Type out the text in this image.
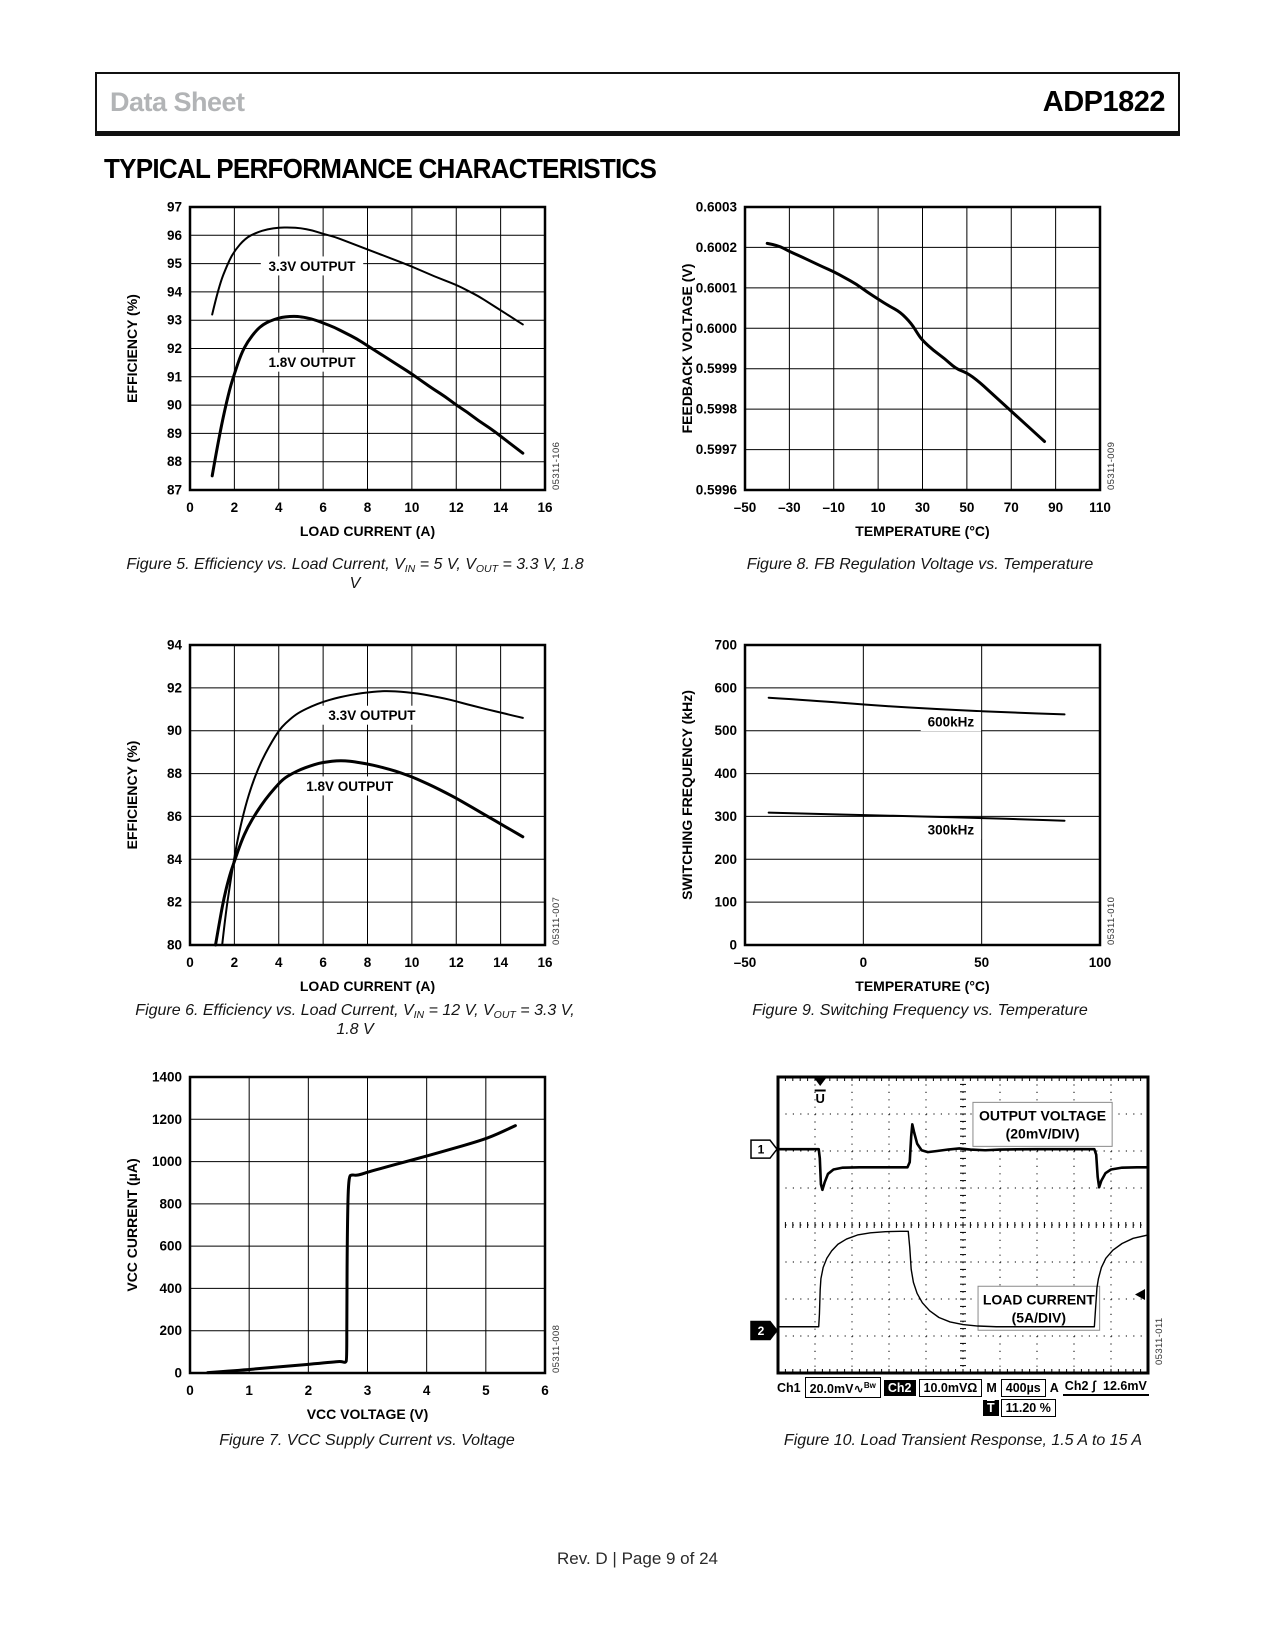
Data Sheet	ADP1822
TYPICAL PERFORMANCE CHARACTERISTICS
0	2	4	6	8 10 12 14 16
87
88
89
90
91
92
93
94
95
96
97
LOAD CURRENT (A)
EFFICIENCY (%)
3.3V OUTPUT
1.8V OUTPUT
05311-106
–50 –30 –10 10 30 50 70 90 110
0.5996
0.5997
0.5998
0.5999
0.6000
0.6001
0.6002
0.6003
TEMPERATURE (°C)
FEEDBACK VOLTAGE (V)
05311-009
0	2	4	6	8 10 12 14 16
80
82
84
86
88
90
92
94
LOAD CURRENT (A)
EFFICIENCY (%)
3.3V OUTPUT
1.8V OUTPUT
05311-007
–50	0	50	100
0
100
200
300
400
500
600
700
TEMPERATURE (°C)
SWITCHING FREQUENCY (kHz)	600kHz
300kHz
05311-010
0	1	2	3	4	5	6
0
200
400
600
800
1000
1200
1400
VCC VOLTAGE (V)
VCC CURRENT (µA)
05311-008
OUTPUT VOLTAGE
(20mV/DIV)
LOAD CURRENT
(5A/DIV)
1
2
U
05311-011
Figure 5. Efficiency vs. Load Current, $V_{IN} = 5$ V, $V_{OUT} = 3.3$ V, 1.8 V
Figure 8. FB Regulation Voltage vs. Temperature
Figure 6. Efficiency vs. Load Current, $V_{IN} = 12$ V, $V_{OUT} = 3.3$ V, 1.8 V
Figure 9. Switching Frequency vs. Temperature
Figure 7. VCC Supply Current vs. Voltage	Figure 10. Load Transient Response, 1.5 A to 15 A
Ch1 20.0mV∿$^{Bw}$ Ch2 10.0mVΩ M 400µs A Ch2 ʃ 12.6mV
$\overline{T}$ 11.20 %
Rev. D | Page 9 of 24
